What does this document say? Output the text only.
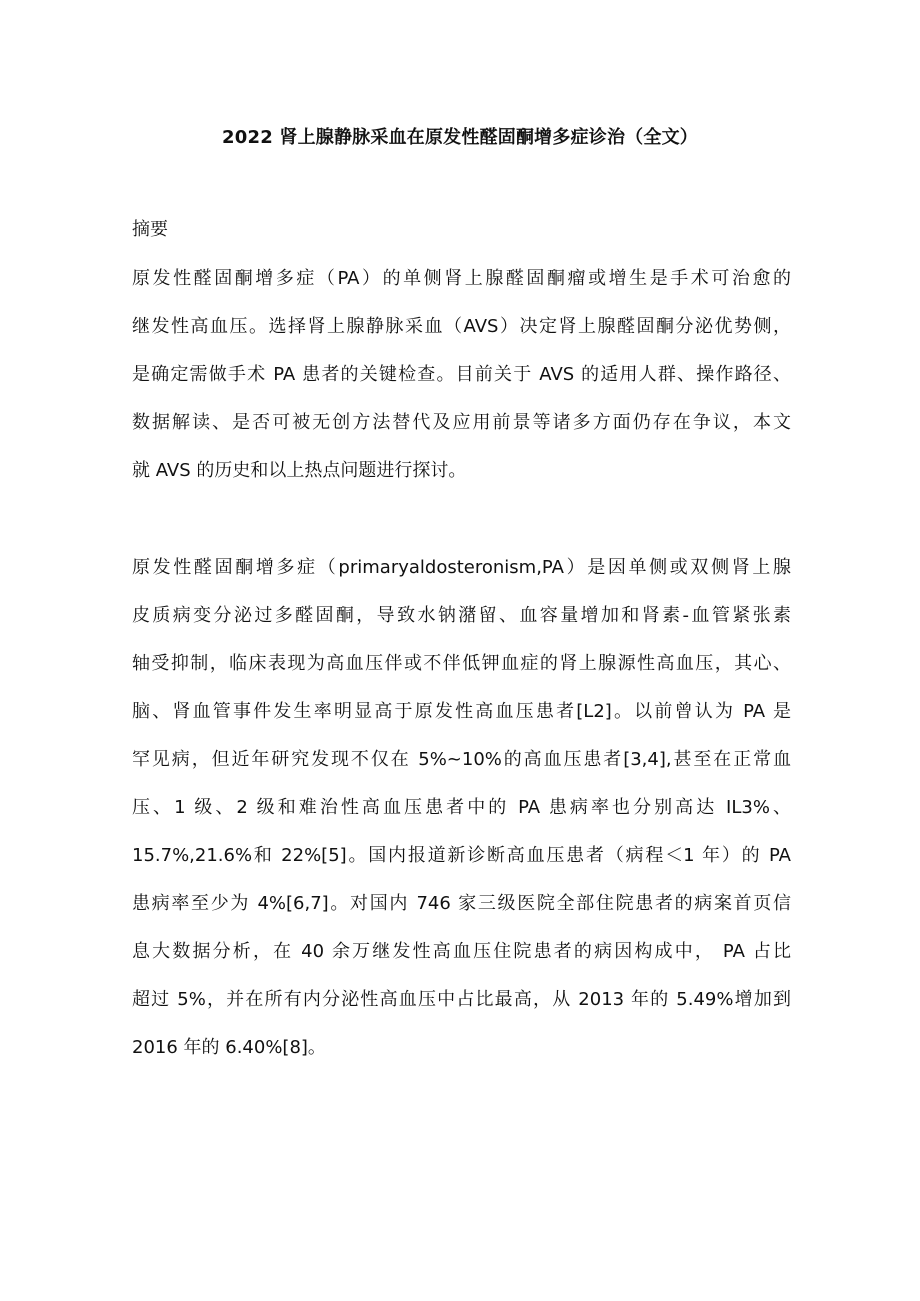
2022 肾上腺静脉采血在原发性醛固酮增多症诊治（全文）
摘要
原发性醛固酮增多症（PA）的单侧肾上腺醛固酮瘤或增生是手术可治愈的
继发性高血压。选择肾上腺静脉采血（AVS）决定肾上腺醛固酮分泌优势侧，
是确定需做手术 PA 患者的关键检查。目前关于 AVS 的适用人群、操作路径、
数据解读、是否可被无创方法替代及应用前景等诸多方面仍存在争议，本文
就 AVS 的历史和以上热点问题进行探讨。
原发性醛固酮增多症（primaryaldosteronism,PA）是因单侧或双侧肾上腺
皮质病变分泌过多醛固酮，导致水钠潴留、血容量增加和肾素-血管紧张素
轴受抑制，临床表现为高血压伴或不伴低钾血症的肾上腺源性高血压，其心、
脑、肾血管事件发生率明显高于原发性高血压患者[L2]。以前曾认为 PA 是
罕见病，但近年研究发现不仅在 5%~10%的高血压患者[3,4],甚至在正常血
压、1 级、2 级和难治性高血压患者中的 PA 患病率也分别高达 IL3%、
15.7%,21.6%和 22%[5]。国内报道新诊断高血压患者（病程＜1 年）的 PA
患病率至少为 4%[6,7]。对国内 746 家三级医院全部住院患者的病案首页信
息大数据分析，在 40 余万继发性高血压住院患者的病因构成中， PA 占比
超过 5%，并在所有内分泌性高血压中占比最高，从 2013 年的 5.49%增加到
2016 年的 6.40%[8]。
